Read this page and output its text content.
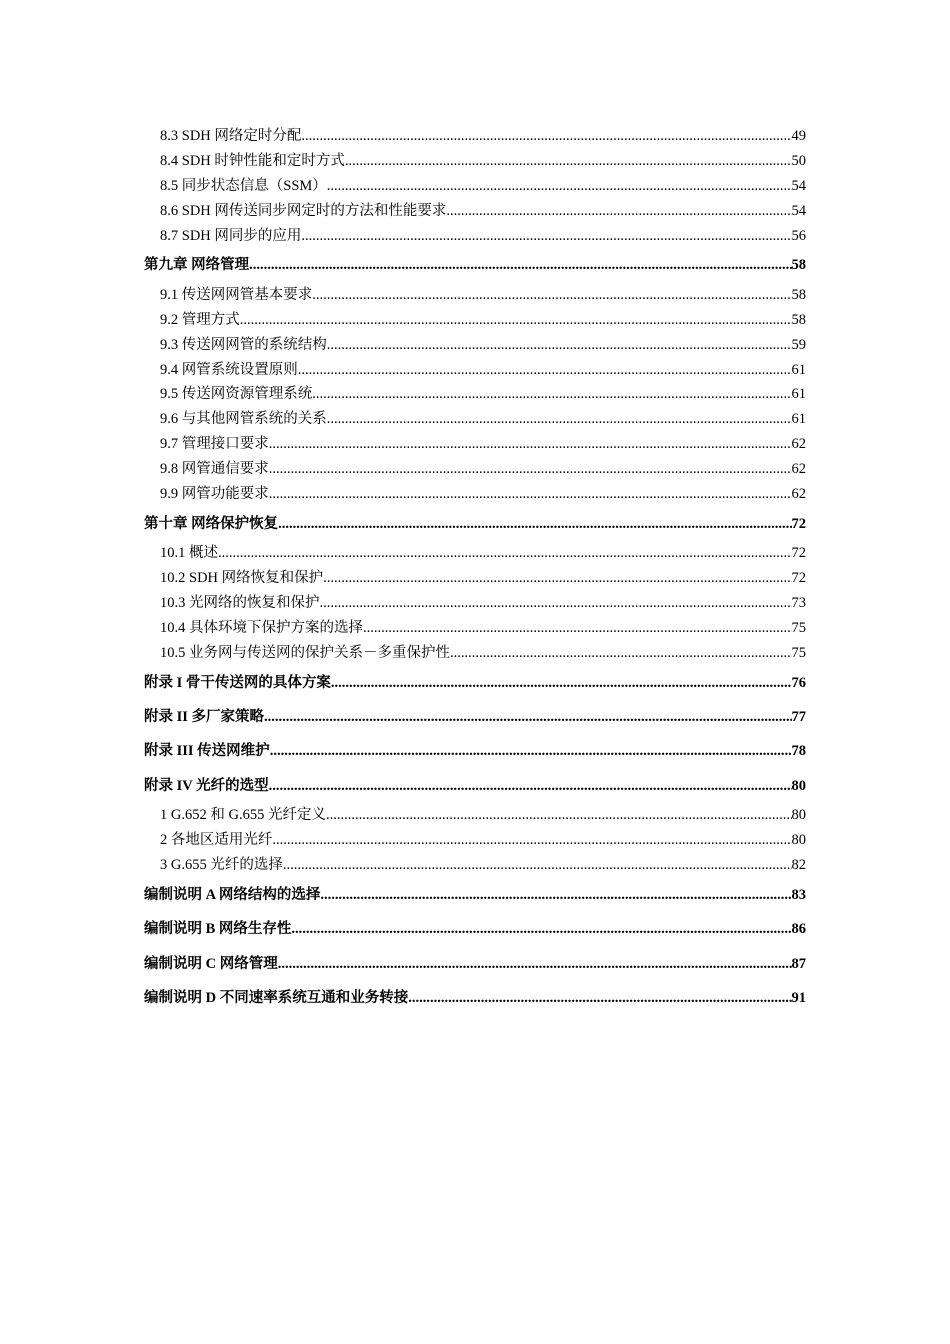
8.3 SDH 网络定时分配 .....	49
8.4 SDH 时钟性能和定时方式 .....	50
8.5 同步状态信息（SSM） .....	54
8.6 SDH 网传送同步网定时的方法和性能要求 .....	54
8.7 SDH 网同步的应用 .....	56
第九章 网络管理 .....	58
9.1 传送网网管基本要求 .....	58
9.2 管理方式 .....	58
9.3 传送网网管的系统结构 .....	59
9.4 网管系统设置原则 .....	61
9.5 传送网资源管理系统 .....	61
9.6 与其他网管系统的关系 .....	61
9.7 管理接口要求 .....	62
9.8 网管通信要求 .....	62
9.9 网管功能要求 .....	62
第十章 网络保护恢复 .....	72
10.1 概述 .....	72
10.2 SDH 网络恢复和保护 .....	72
10.3 光网络的恢复和保护 .....	73
10.4 具体环境下保护方案的选择 .....	75
10.5 业务网与传送网的保护关系－多重保护性 .....	75
附录 I 骨干传送网的具体方案 .....	76
附录 II 多厂家策略 .....	77
附录 III 传送网维护 .....	78
附录 IV 光纤的选型 .....	80
1 G.652 和 G.655 光纤定义 .....	80
2 各地区适用光纤 .....	80
3 G.655 光纤的选择 .....	82
编制说明 A 网络结构的选择 .....	83
编制说明 B 网络生存性 .....	86
编制说明 C 网络管理 .....	87
编制说明 D 不同速率系统互通和业务转接 .....	91
